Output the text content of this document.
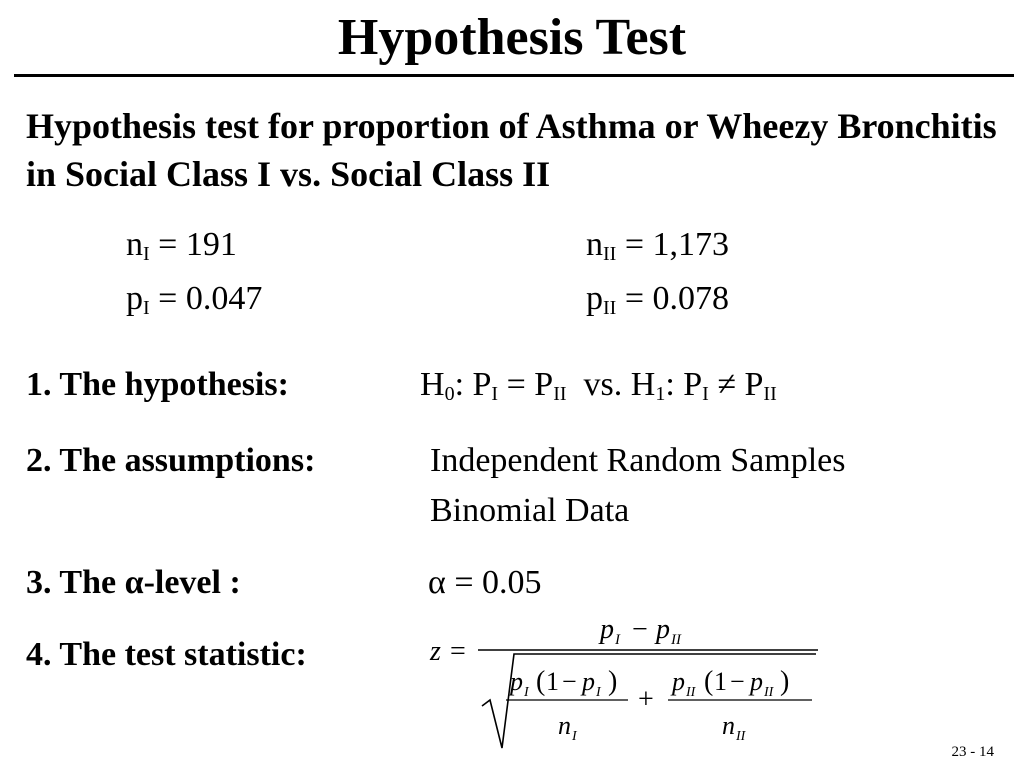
Hypothesis Test
Hypothesis test for proportion of Asthma or Wheezy Bronchitis in Social Class I vs. Social Class II
$n_I = 191$
$p_I = 0.047$
$n_{II} = 1,173$
$p_{II} = 0.078$
1. The hypothesis:	$H_0$: $P_I = P_{II}$  vs. $H_1$: $P_I \ne P_{II}$
2. The assumptions:	Independent Random Samples
Binomial Data
3. The α-level :	α = 0.05
4. The test statistic:	z =
p I − p II
p I ( 1 − p I )
n I
+
p II ( 1 − p II )
n II
23 - 14
